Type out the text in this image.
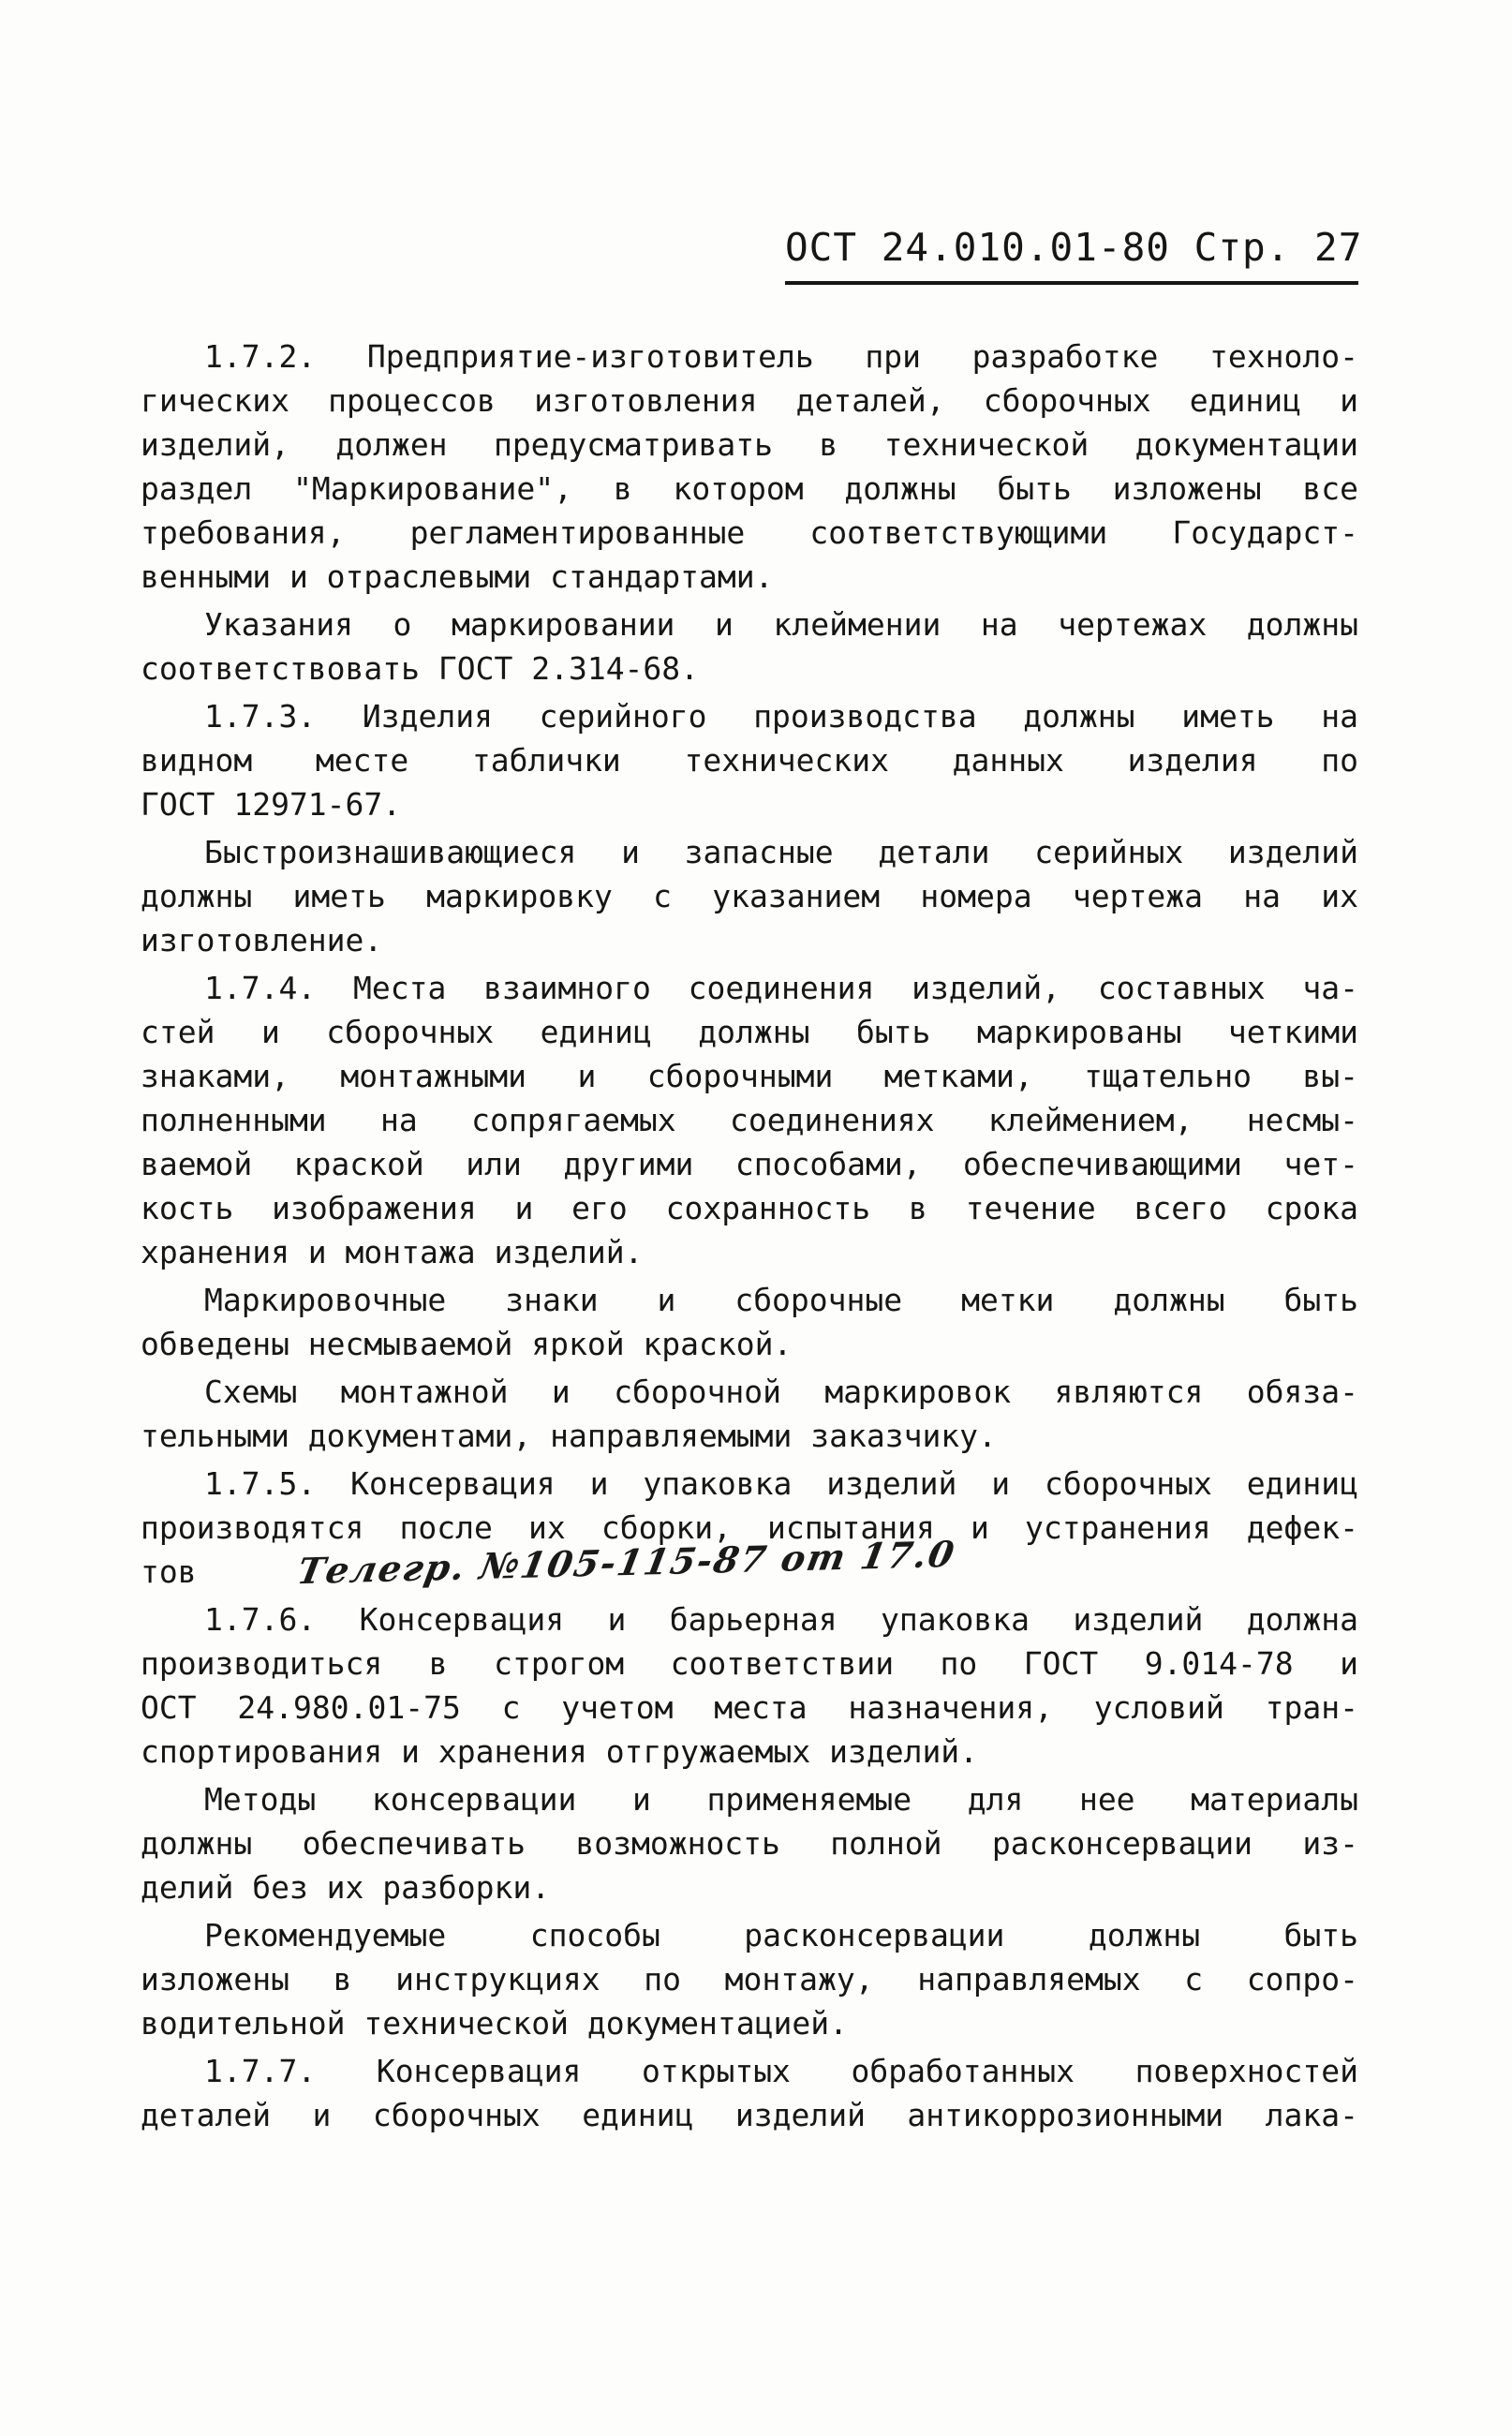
ОСТ 24.010.01-80 Стр. 27
1.7.2. Предприятие-изготовитель при разработке техноло-
гических процессов изготовления деталей, сборочных единиц и
изделий, должен предусматривать в технической документации
раздел "Маркирование", в котором должны быть изложены все
требования, регламентированные соответствующими Государст-
венными и отраслевыми стандартами.
Указания о маркировании и клеймении на чертежах должны
соответствовать ГОСТ 2.314-68.
1.7.3. Изделия серийного производства должны иметь на
видном месте таблички технических данных изделия по
ГОСТ 12971-67.
Быстроизнашивающиеся и запасные детали серийных изделий
должны иметь маркировку с указанием номера чертежа на их
изготовление.
1.7.4. Места взаимного соединения изделий, составных ча-
стей и сборочных единиц должны быть маркированы четкими
знаками, монтажными и сборочными метками, тщательно вы-
полненными на сопрягаемых соединениях клеймением, несмы-
ваемой краской или другими способами, обеспечивающими чет-
кость изображения и его сохранность в течение всего срока
хранения и монтажа изделий.
Маркировочные знаки и сборочные метки должны быть
обведены несмываемой яркой краской.
Схемы монтажной и сборочной маркировок являются обяза-
тельными документами, направляемыми заказчику.
1.7.5. Консервация и упаковка изделий и сборочных единиц
производятся после их сборки, испытания и устранения дефек-
тов
1.7.6. Консервация и барьерная упаковка изделий должна
производиться в строгом соответствии по ГОСТ 9.014-78 и
ОСТ 24.980.01-75 с учетом места назначения, условий тран-
спортирования и хранения отгружаемых изделий.
Методы консервации и применяемые для нее материалы
должны обеспечивать возможность полной расконсервации из-
делий без их разборки.
Рекомендуемые способы расконсервации должны быть
изложены в инструкциях по монтажу, направляемых с сопро-
водительной технической документацией.
1.7.7. Консервация открытых обработанных поверхностей
деталей и сборочных единиц изделий антикоррозионными лака-
Телегр. №105-115-87 от 17.0
